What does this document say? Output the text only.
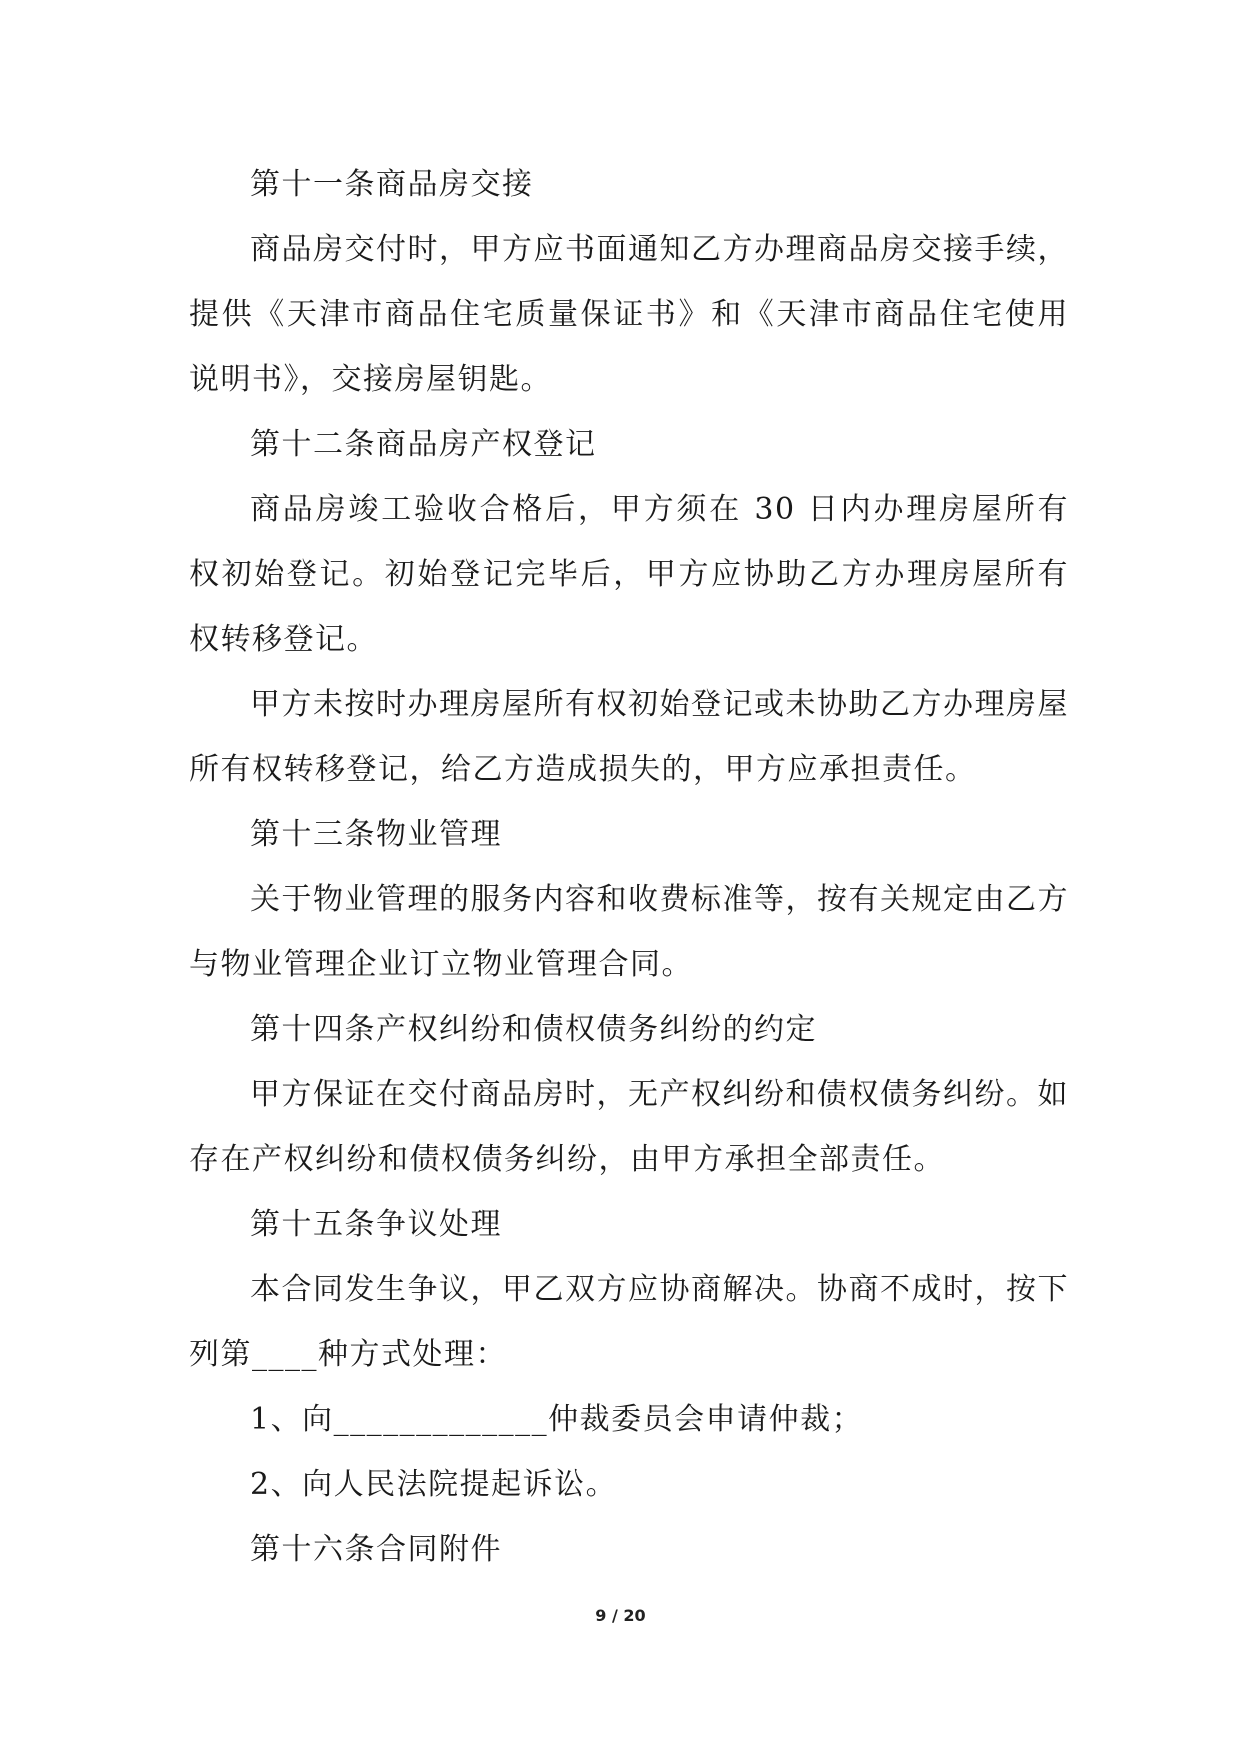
第十一条商品房交接

商品房交付时，甲方应书面通知乙方办理商品房交接手续，提供《天津市商品住宅质量保证书》和《天津市商品住宅使用说明书》，交接房屋钥匙。

第十二条商品房产权登记

商品房竣工验收合格后，甲方须在 30 日内办理房屋所有权初始登记。初始登记完毕后，甲方应协助乙方办理房屋所有权转移登记。

甲方未按时办理房屋所有权初始登记或未协助乙方办理房屋所有权转移登记，给乙方造成损失的，甲方应承担责任。

第十三条物业管理

关于物业管理的服务内容和收费标准等，按有关规定由乙方与物业管理企业订立物业管理合同。

第十四条产权纠纷和债权债务纠纷的约定

甲方保证在交付商品房时，无产权纠纷和债权债务纠纷。如存在产权纠纷和债权债务纠纷，由甲方承担全部责任。

第十五条争议处理

本合同发生争议，甲乙双方应协商解决。协商不成时，按下列第____种方式处理：

1、向_____________仲裁委员会申请仲裁；

2、向人民法院提起诉讼。

第十六条合同附件

9 / 20
